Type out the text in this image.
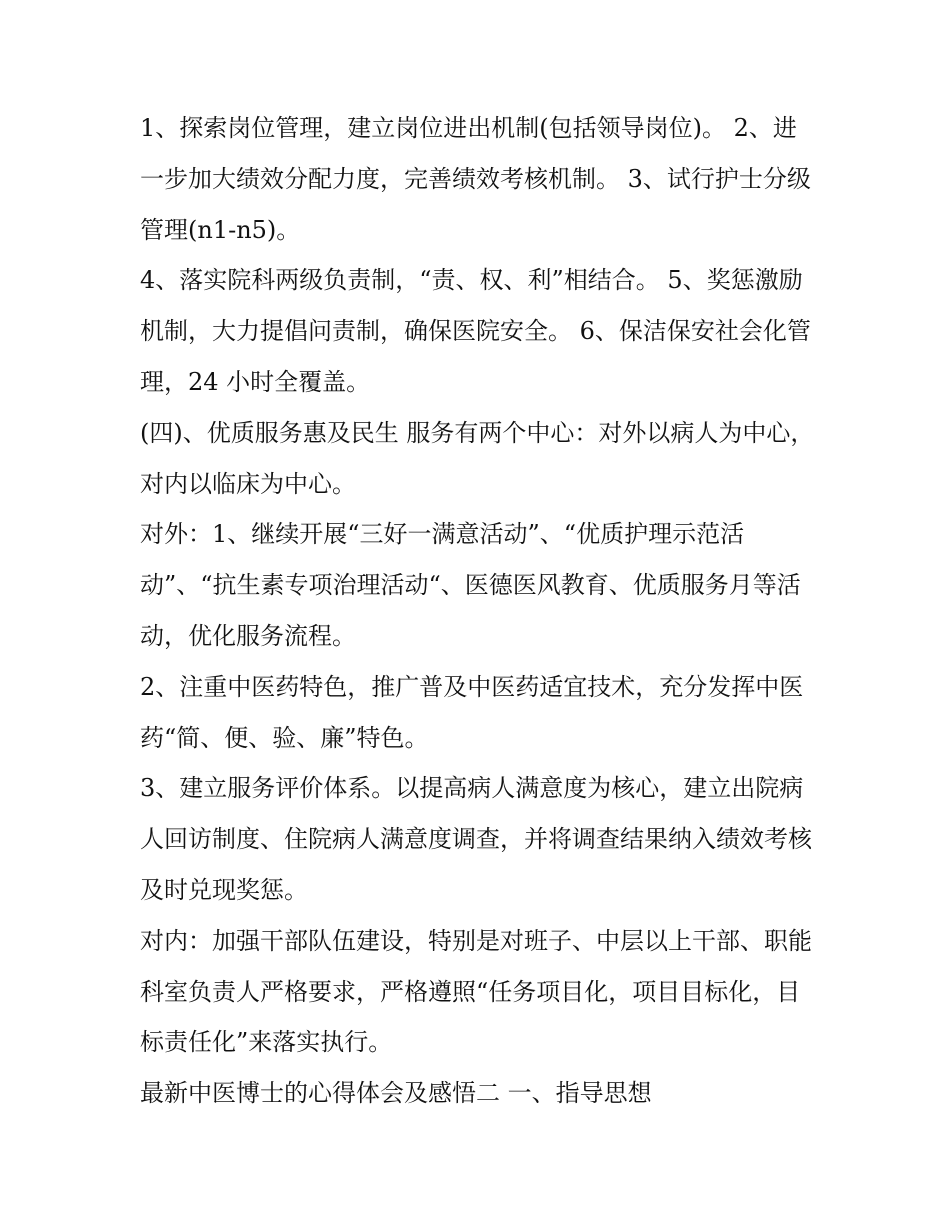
1、探索岗位管理，建立岗位进出机制(包括领导岗位)。 2、进一步加大绩效分配力度，完善绩效考核机制。 3、试行护士分级管理(n1-n5)。

4、落实院科两级负责制，“责、权、利”相结合。 5、奖惩激励机制，大力提倡问责制，确保医院安全。 6、保洁保安社会化管理，24 小时全覆盖。

(四)、优质服务惠及民生 服务有两个中心：对外以病人为中心，对内以临床为中心。

对外：1、继续开展“三好一满意活动”、“优质护理示范活动”、“抗生素专项治理活动“、医德医风教育、优质服务月等活动，优化服务流程。

2、注重中医药特色，推广普及中医药适宜技术，充分发挥中医药“简、便、验、廉”特色。

3、建立服务评价体系。以提高病人满意度为核心，建立出院病人回访制度、住院病人满意度调查，并将调查结果纳入绩效考核及时兑现奖惩。

对内：加强干部队伍建设，特别是对班子、中层以上干部、职能科室负责人严格要求，严格遵照“任务项目化，项目目标化，目标责任化”来落实执行。

最新中医博士的心得体会及感悟二 一、指导思想
